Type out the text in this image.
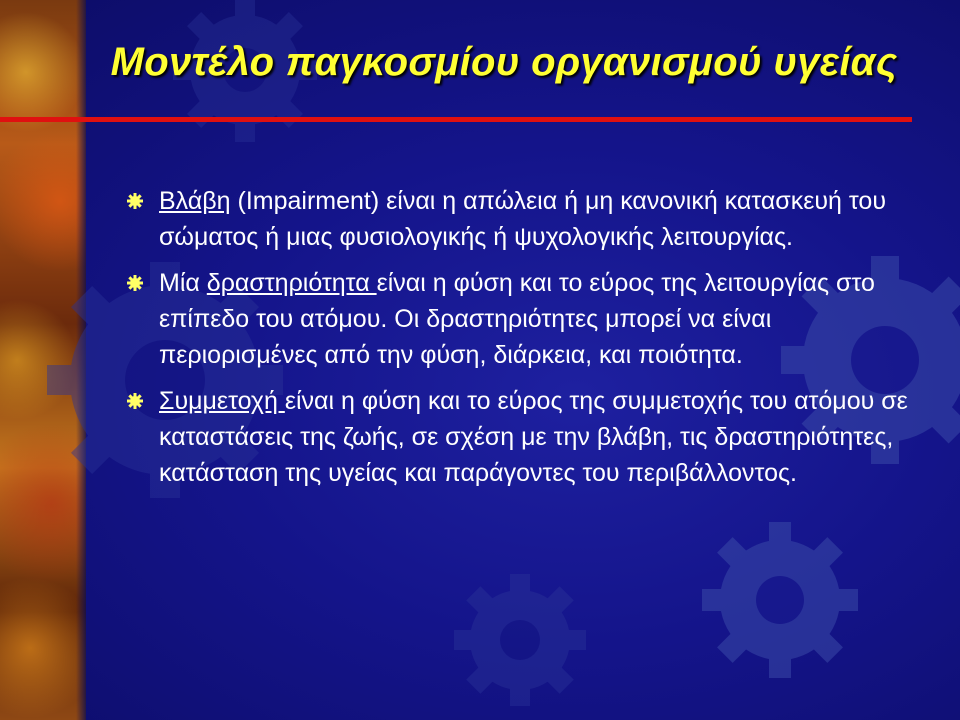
Μοντέλο παγκοσμίου οργανισμού υγείας
Βλάβη (Impairment) είναι η απώλεια ή μη κανονική κατασκευή του σώματος ή μιας φυσιολογικής ή ψυχολογικής λειτουργίας.
Μία δραστηριότητα είναι η φύση και το εύρος της λειτουργίας στο επίπεδο του ατόμου. Οι δραστηριότητες μπορεί να είναι περιορισμένες από την φύση, διάρκεια, και ποιότητα.
Συμμετοχή είναι η φύση και το εύρος της συμμετοχής του ατόμου σε καταστάσεις της ζωής, σε σχέση με την βλάβη, τις δραστηριότητες, κατάσταση της υγείας και παράγοντες του περιβάλλοντος.
